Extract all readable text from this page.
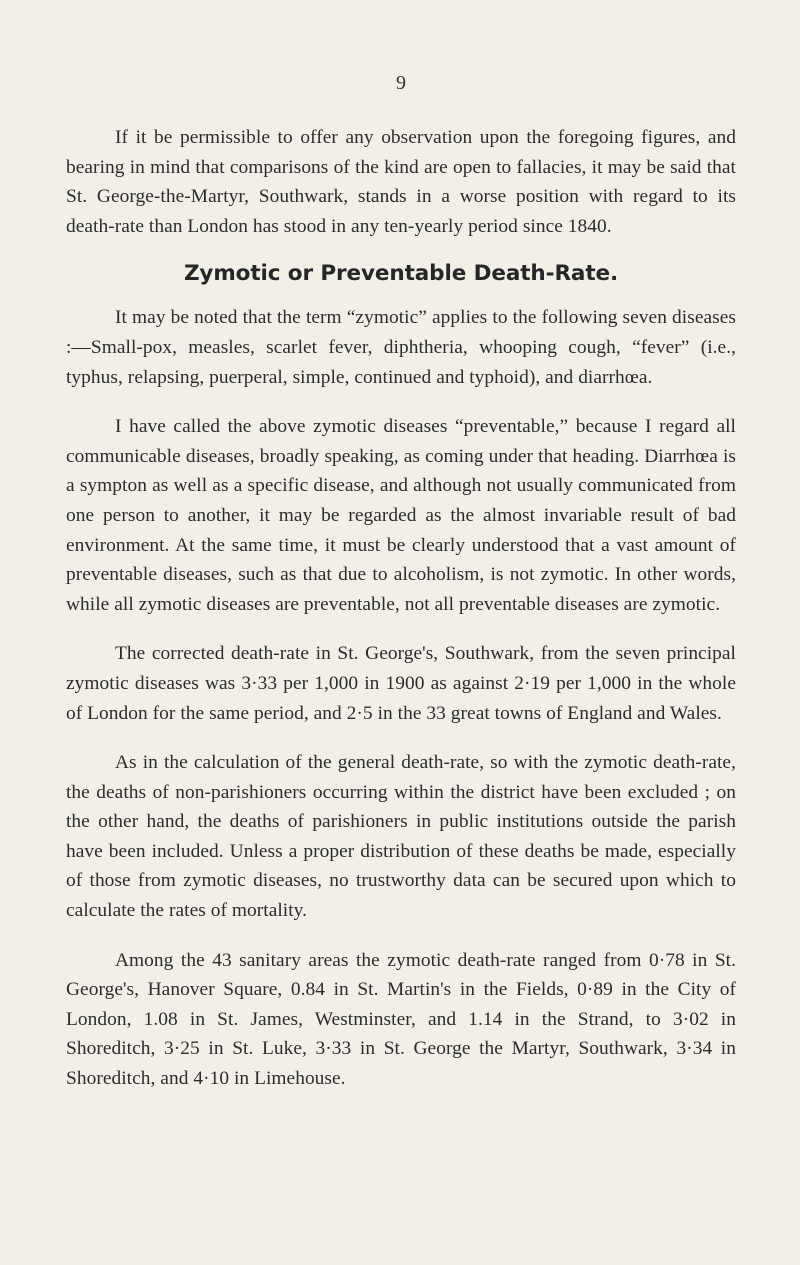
9

If it be permissible to offer any observation upon the foregoing figures, and bearing in mind that comparisons of the kind are open to fallacies, it may be said that St. George-the-Martyr, Southwark, stands in a worse position with regard to its death-rate than London has stood in any ten-yearly period since 1840.

Zymotic or Preventable Death-Rate.

It may be noted that the term “zymotic” applies to the following seven diseases :—Small-pox, measles, scarlet fever, diphtheria, whooping cough, “fever” (i.e., typhus, relapsing, puerperal, simple, continued and typhoid), and diarrhœa.

I have called the above zymotic diseases “preventable,” because I regard all communicable diseases, broadly speaking, as coming under that heading. Diarrhœa is a sympton as well as a specific disease, and although not usually communicated from one person to another, it may be regarded as the almost invariable result of bad environment. At the same time, it must be clearly understood that a vast amount of preventable diseases, such as that due to alcoholism, is not zymotic. In other words, while all zymotic diseases are preventable, not all preventable diseases are zymotic.

The corrected death-rate in St. George's, Southwark, from the seven principal zymotic diseases was 3·33 per 1,000 in 1900 as against 2·19 per 1,000 in the whole of London for the same period, and 2·5 in the 33 great towns of England and Wales.

As in the calculation of the general death-rate, so with the zymotic death-rate, the deaths of non-parishioners occurring within the district have been excluded ; on the other hand, the deaths of parishioners in public institutions outside the parish have been included. Unless a proper distribution of these deaths be made, especially of those from zymotic diseases, no trustworthy data can be secured upon which to calculate the rates of mortality.

Among the 43 sanitary areas the zymotic death-rate ranged from 0·78 in St. George's, Hanover Square, 0.84 in St. Martin's in the Fields, 0·89 in the City of London, 1.08 in St. James, Westminster, and 1.14 in the Strand, to 3·02 in Shoreditch, 3·25 in St. Luke, 3·33 in St. George the Martyr, Southwark, 3·34 in Shoreditch, and 4·10 in Limehouse.
